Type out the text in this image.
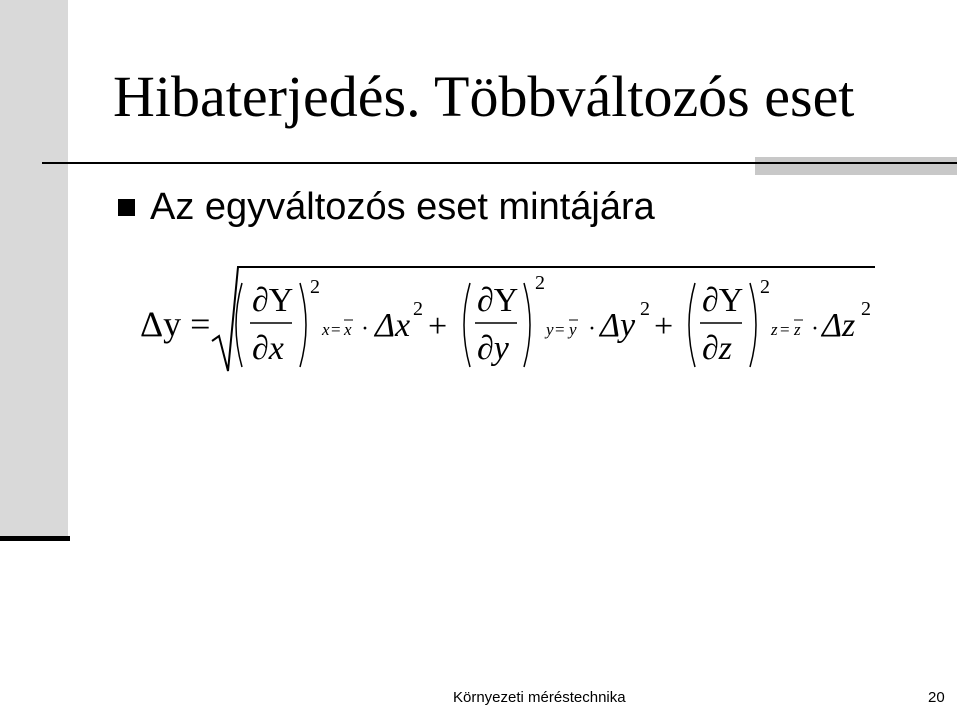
Hibaterjedés. Többváltozós eset
Az egyváltozós eset mintájára
Δy =
∂Y
∂x
2
x = x · Δx 2 +
∂Y
∂y
2
y = y · Δy 2 +
∂Y
∂z
2
z = z · Δz 2
Környezeti méréstechnika	20
